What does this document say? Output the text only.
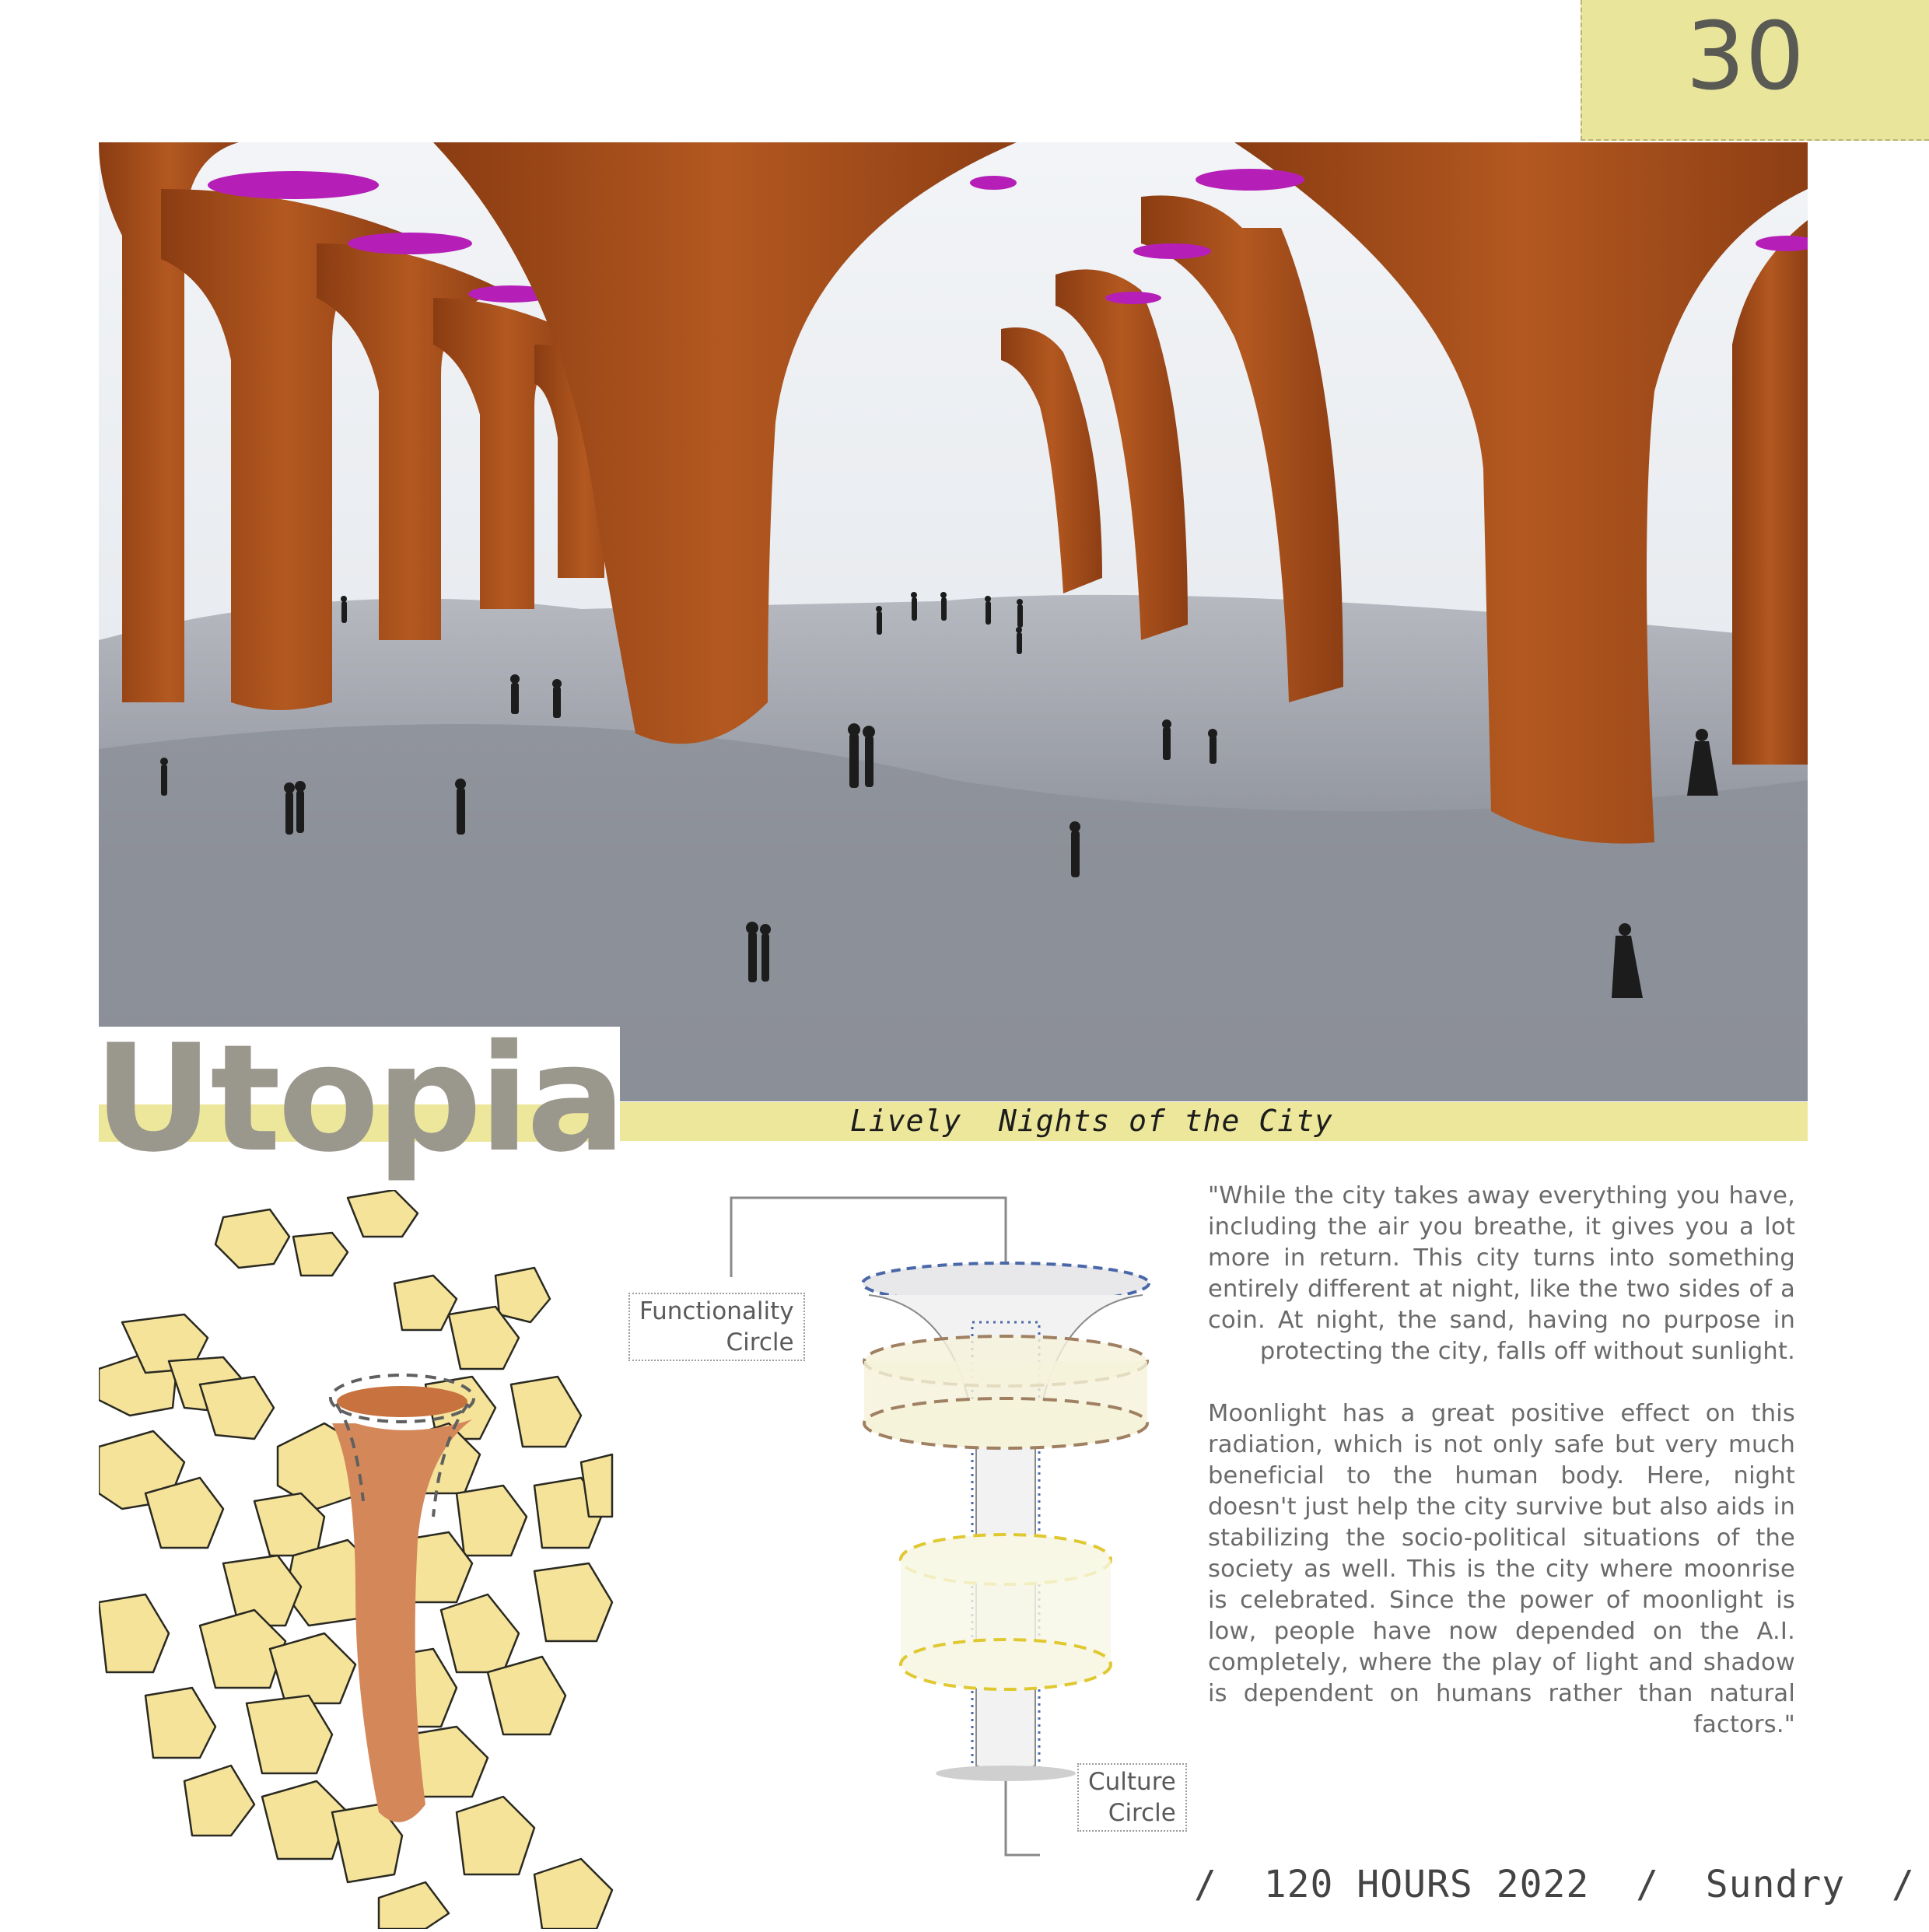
30
Lively  Nights of the City
Utopia
Functionality
Circle
Culture
Circle

"While the city takes away everything you have, including the air you breathe, it gives you a lot more in return. This city turns into something entirely different at night, like the two sides of a coin. At night, the sand, having no purpose in protecting the city, falls off without sunlight.

Moonlight has a great positive effect on this radiation, which is not only safe but very much beneficial to the human body. Here, night doesn't just help the city survive but also aids in stabilizing the socio-political situations of the society as well. This is the city where moonrise is celebrated. Since the power of moonlight is low, people have now depended on the A.I. completely, where the play of light and shadow is dependent on humans rather than natural factors."

/ 120 HOURS 2022 / Sundry /
